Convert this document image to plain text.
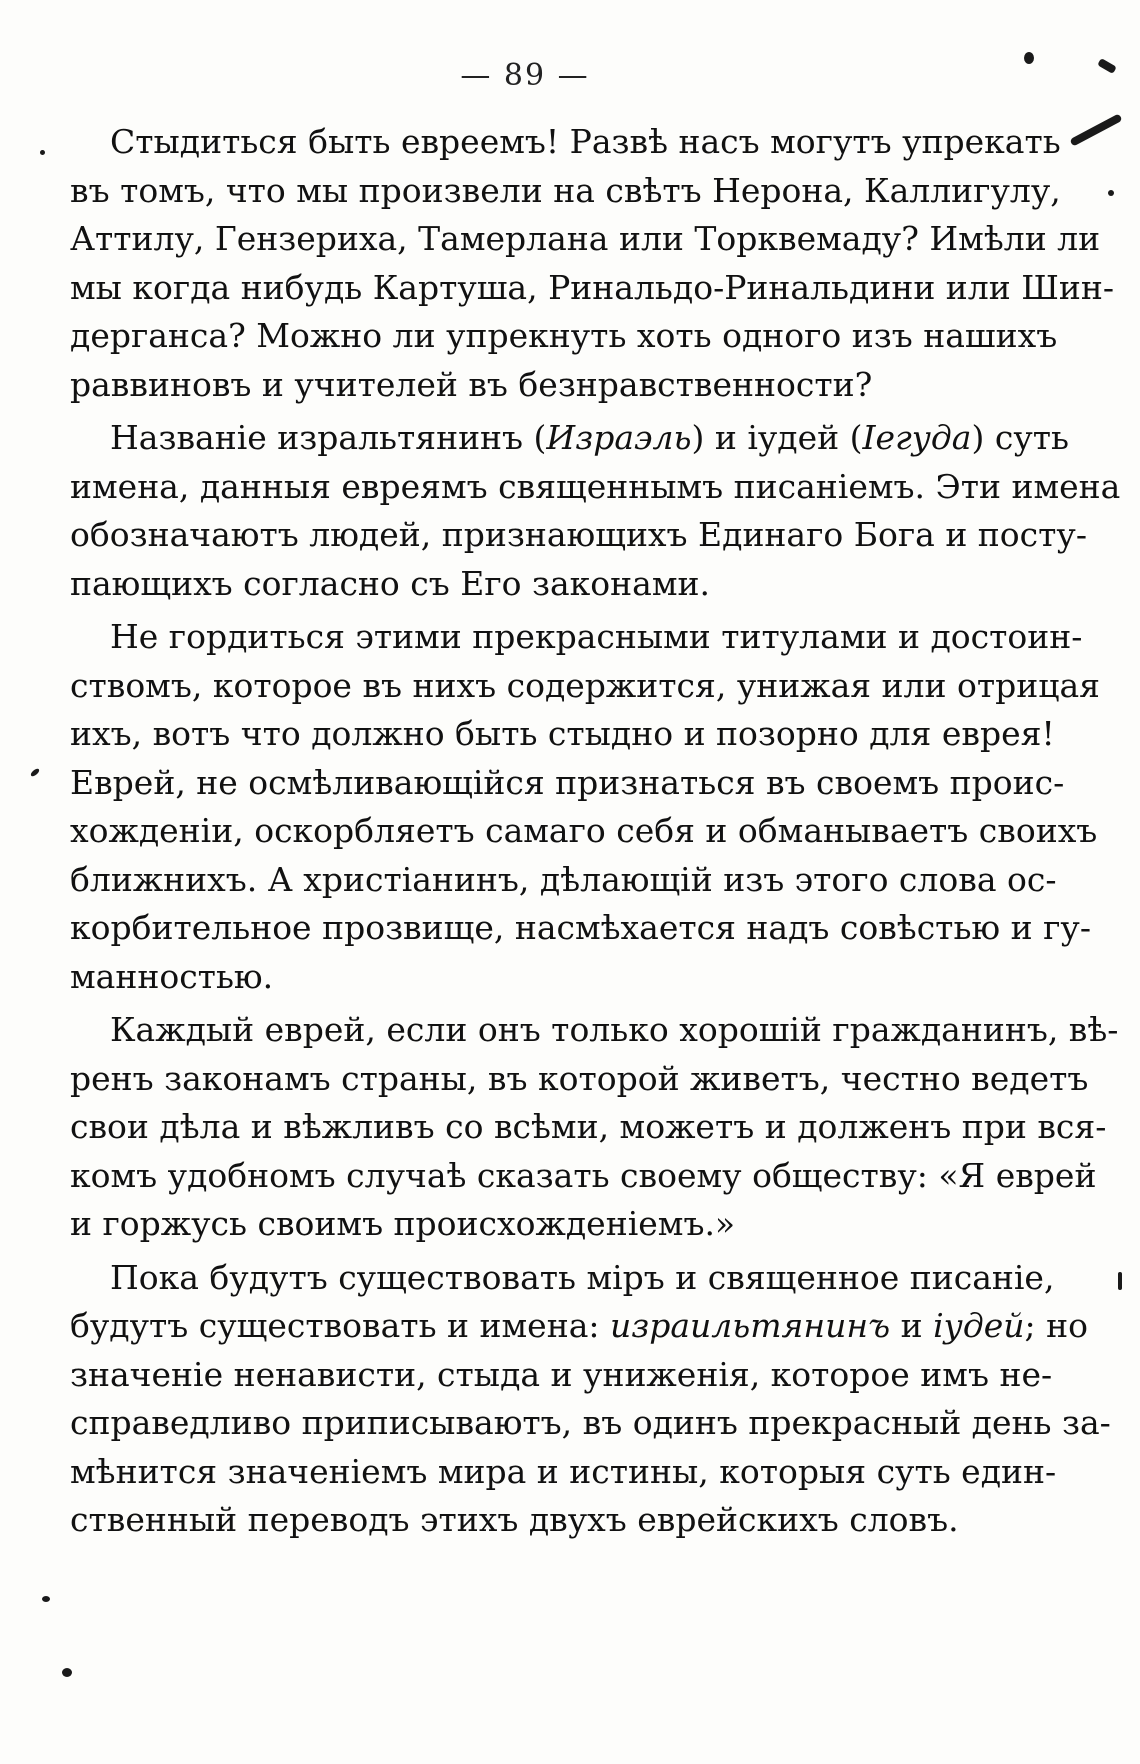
— 89 —
Стыдиться быть евреемъ! Развѣ насъ могутъ упрекать
въ томъ, что мы произвели на свѣтъ Нерона, Каллигулу,
Аттилу, Гензериха, Тамерлана или Торквемаду? Имѣли ли
мы когда нибудь Картуша, Ринальдо-Ринальдини или Шин-
дерганса? Можно ли упрекнуть хоть одного изъ нашихъ
раввиновъ и учителей въ безнравственности?
Названіе изральтянинъ (Израэль) и іудей (Іегуда) суть
имена, данныя евреямъ священнымъ писаніемъ. Эти имена
обозначаютъ людей, признающихъ Единаго Бога и посту-
пающихъ согласно съ Его законами.
Не гордиться этими прекрасными титулами и достоин-
ствомъ, которое въ нихъ содержится, унижая или отрицая
ихъ, вотъ что должно быть стыдно и позорно для еврея!
Еврей, не осмѣливающійся признаться въ своемъ проис-
хожденіи, оскорбляетъ самаго себя и обманываетъ своихъ
ближнихъ. А христіанинъ, дѣлающій изъ этого слова ос-
корбительное прозвище, насмѣхается надъ совѣстью и гу-
манностью.
Каждый еврей, если онъ только хорошій гражданинъ, вѣ-
ренъ законамъ страны, въ которой живетъ, честно ведетъ
свои дѣла и вѣжливъ со всѣми, можетъ и долженъ при вся-
комъ удобномъ случаѣ сказать своему обществу: «Я еврей
и горжусь своимъ происхожденіемъ.»
Пока будутъ существовать міръ и священное писаніе,
будутъ существовать и имена: израильтянинъ и іудей; но
значеніе ненависти, стыда и униженія, которое имъ не-
справедливо приписываютъ, въ одинъ прекрасный день за-
мѣнится значеніемъ мира и истины, которыя суть един-
ственный переводъ этихъ двухъ еврейскихъ словъ.
